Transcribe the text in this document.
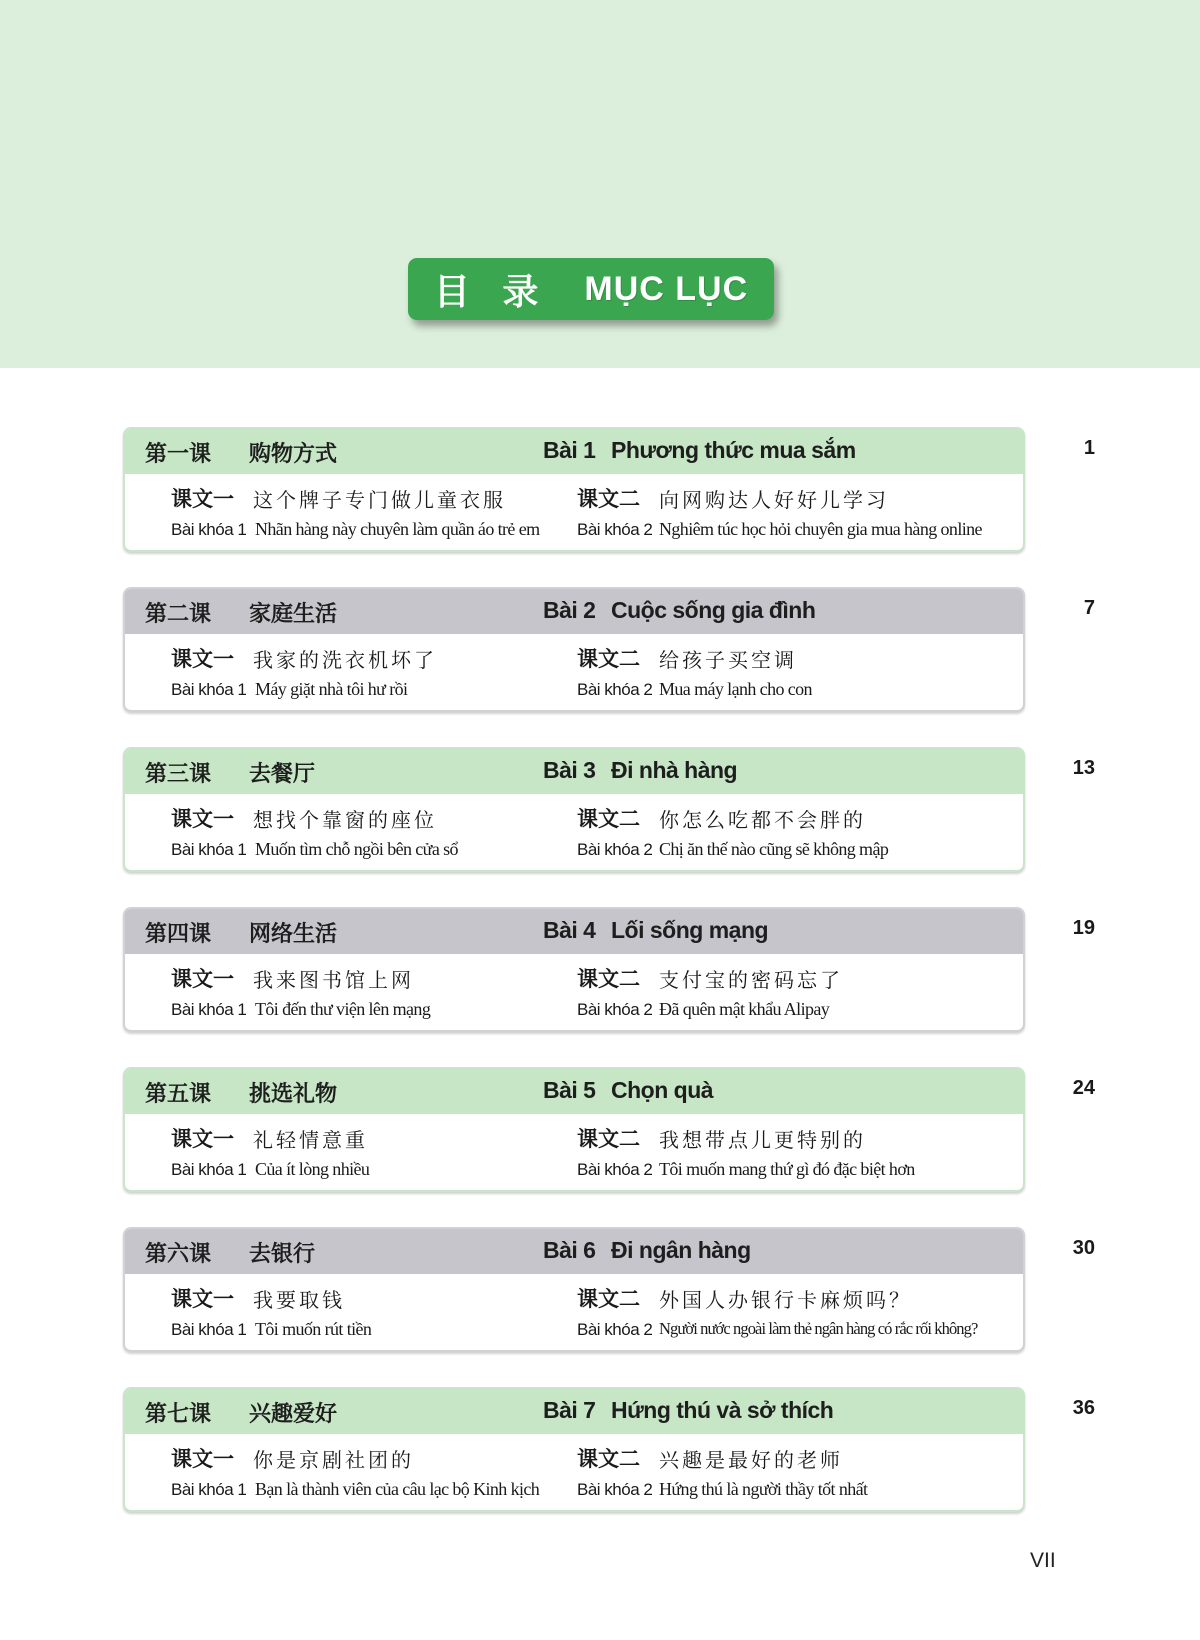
目 录 MỤC LỤC
第一课 购物方式	Bài 1 Phương thức mua sắm
课文一 这个牌子专门做儿童衣服	课文二 向网购达人好好儿学习
Bài khóa 1 Nhãn hàng này chuyên làm quần áo trẻ em Bài khóa 2 Nghiêm túc học hỏi chuyên gia mua hàng online
1
第二课 家庭生活	Bài 2 Cuộc sống gia đình
课文一 我家的洗衣机坏了	课文二 给孩子买空调
Bài khóa 1 Máy giặt nhà tôi hư rồi	Bài khóa 2 Mua máy lạnh cho con
7
第三课 去餐厅	Bài 3 Đi nhà hàng
课文一 想找个靠窗的座位	课文二 你怎么吃都不会胖的
Bài khóa 1 Muốn tìm chỗ ngồi bên cửa sổ	Bài khóa 2 Chị ăn thế nào cũng sẽ không mập
13
第四课 网络生活	Bài 4 Lối sống mạng
课文一 我来图书馆上网	课文二 支付宝的密码忘了
Bài khóa 1 Tôi đến thư viện lên mạng	Bài khóa 2 Đã quên mật khẩu Alipay
19
第五课 挑选礼物	Bài 5 Chọn quà
课文一 礼轻情意重	课文二 我想带点儿更特别的
Bài khóa 1 Của ít lòng nhiều	Bài khóa 2 Tôi muốn mang thứ gì đó đặc biệt hơn
24
第六课 去银行	Bài 6 Đi ngân hàng
课文一 我要取钱	课文二 外国人办银行卡麻烦吗？
Bài khóa 1 Tôi muốn rút tiền	Bài khóa 2 Người nước ngoài làm thẻ ngân hàng có rắc rối không?
30
第七课 兴趣爱好	Bài 7 Hứng thú và sở thích
课文一 你是京剧社团的	课文二 兴趣是最好的老师
Bài khóa 1 Bạn là thành viên của câu lạc bộ Kinh kịch Bài khóa 2 Hứng thú là người thầy tốt nhất
36
VII
